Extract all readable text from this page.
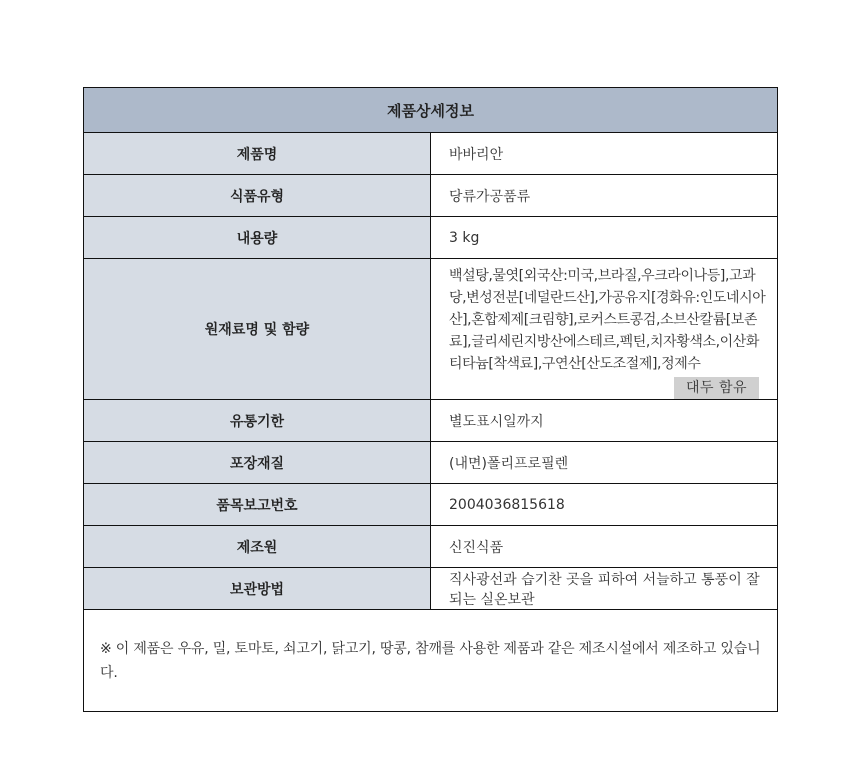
제품상세정보	
제품명	바바리안
식품유형	당류가공품류
내용량	3 kg
원재료명 및 함량	백설탕,물엿[외국산:미국,브라질,우크라이나등],고과당,변성전분[네덜란드산],가공유지[경화유:인도네시아산],혼합제제[크림향],로커스트콩검,소브산칼륨[보존료],글리세린지방산에스테르,펙틴,치자황색소,이산화티타늄[착색료],구연산[산도조절제],정제수
대두 함유

유통기한	별도표시일까지
포장재질	(내면)폴리프로필렌
품목보고번호	2004036815618
제조원	신진식품
보관방법	직사광선과 습기찬 곳을 피하여 서늘하고 통풍이 잘 되는 실온보관
※ 이 제품은 우유, 밀, 토마토, 쇠고기, 닭고기, 땅콩, 참깨를 사용한 제품과 같은 제조시설에서 제조하고 있습니다.	
